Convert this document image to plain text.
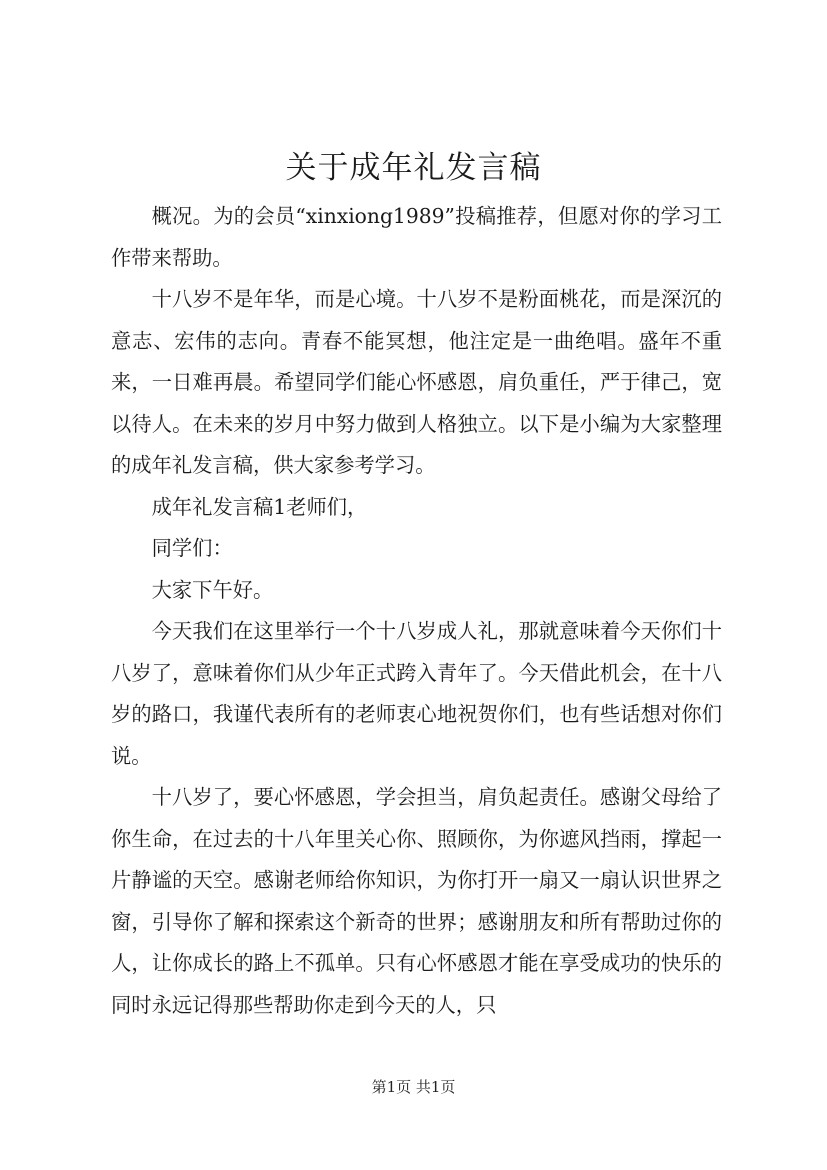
关于成年礼发言稿

概况。为的会员“xinxiong1989”投稿推荐，但愿对你的学习工作带来帮助。

十八岁不是年华，而是心境。十八岁不是粉面桃花，而是深沉的意志、宏伟的志向。青春不能冥想，他注定是一曲绝唱。盛年不重来，一日难再晨。希望同学们能心怀感恩，肩负重任，严于律己，宽以待人。在未来的岁月中努力做到人格独立。以下是小编为大家整理的成年礼发言稿，供大家参考学习。

成年礼发言稿1老师们，

同学们：

大家下午好。

今天我们在这里举行一个十八岁成人礼，那就意味着今天你们十八岁了，意味着你们从少年正式跨入青年了。今天借此机会，在十八岁的路口，我谨代表所有的老师衷心地祝贺你们，也有些话想对你们说。

十八岁了，要心怀感恩，学会担当，肩负起责任。感谢父母给了你生命，在过去的十八年里关心你、照顾你，为你遮风挡雨，撑起一片静谧的天空。感谢老师给你知识，为你打开一扇又一扇认识世界之窗，引导你了解和探索这个新奇的世界；感谢朋友和所有帮助过你的人，让你成长的路上不孤单。只有心怀感恩才能在享受成功的快乐的同时永远记得那些帮助你走到今天的人，只

第1页 共1页
